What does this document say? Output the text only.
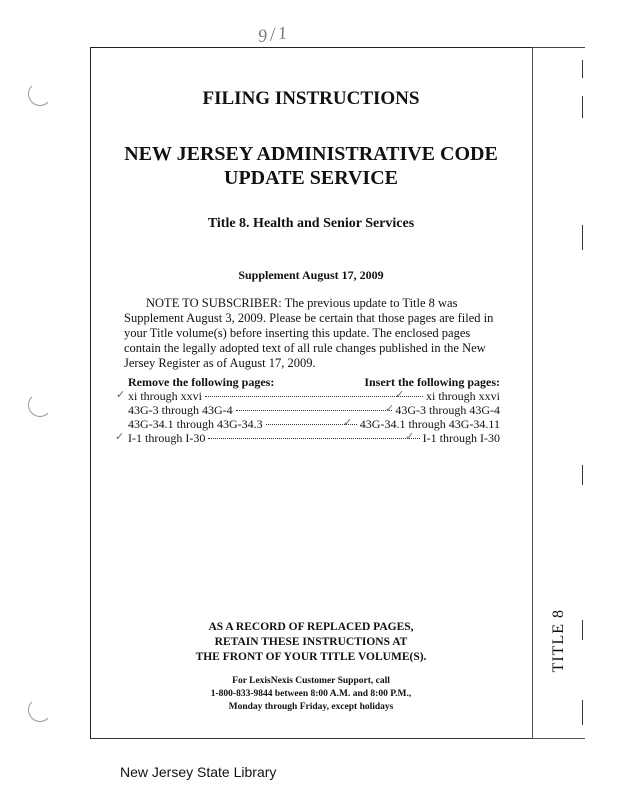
9/1
TITLE 8
FILING INSTRUCTIONS
NEW JERSEY ADMINISTRATIVE CODE
UPDATE SERVICE
Title 8. Health and Senior Services
Supplement August 17, 2009
NOTE TO SUBSCRIBER: The previous update to Title 8 was
Supplement August 3, 2009. Please be certain that those pages are filed in
your Title volume(s) before inserting this update. The enclosed pages
contain the legally adopted text of all rule changes published in the New
Jersey Register as of August 17, 2009.
Remove the following pages:	Insert the following pages:
xi through xxvi	xi through xxvi
43G-3 through 43G-4	43G-3 through 43G-4
43G-34.1 through 43G-34.3	43G-34.1 through 43G-34.11
I-1 through I-30	I-1 through I-30
✓	✓
✓
✓
✓	✓
AS A RECORD OF REPLACED PAGES,
RETAIN THESE INSTRUCTIONS AT
THE FRONT OF YOUR TITLE VOLUME(S).
For LexisNexis Customer Support, call
1-800-833-9844 between 8:00 A.M. and 8:00 P.M.,
Monday through Friday, except holidays
New Jersey State Library
